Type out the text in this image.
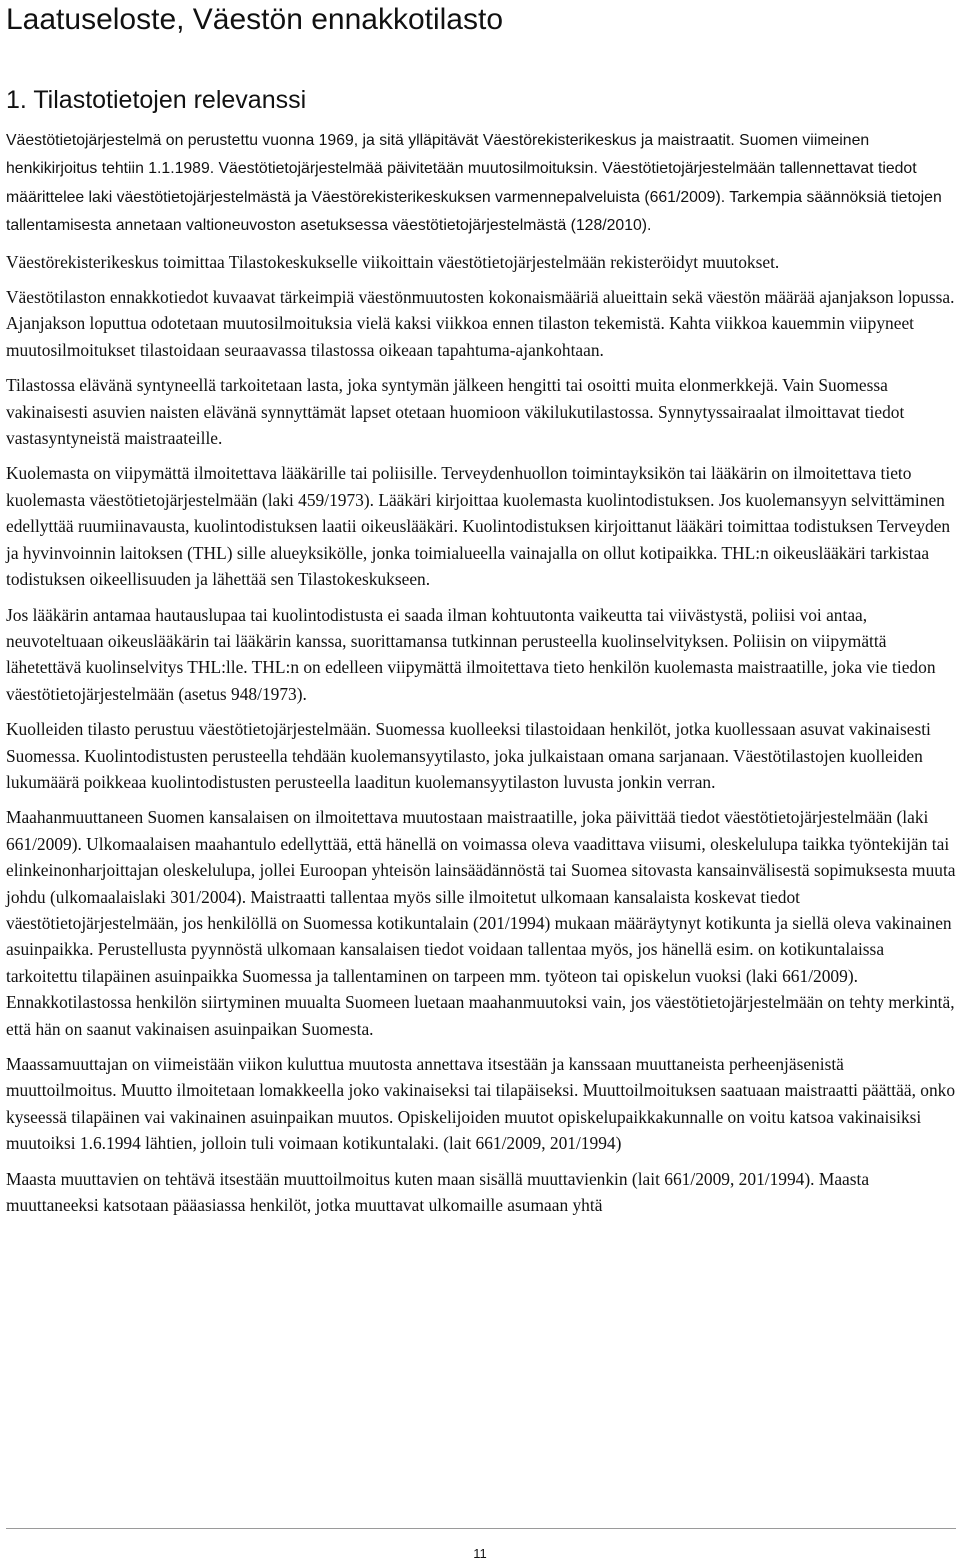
Laatuseloste, Väestön ennakkotilasto
1. Tilastotietojen relevanssi

Väestötietojärjestelmä on perustettu vuonna 1969, ja sitä ylläpitävät Väestörekisterikeskus ja maistraatit. Suomen viimeinen henkikirjoitus tehtiin 1.1.1989. Väestötietojärjestelmää päivitetään muutosilmoituksin. Väestötietojärjestelmään tallennettavat tiedot määrittelee laki väestötietojärjestelmästä ja Väestörekisterikeskuksen varmennepalveluista (661/2009). Tarkempia säännöksiä tietojen tallentamisesta annetaan valtioneuvoston asetuksessa väestötietojärjestelmästä (128/2010).

Väestörekisterikeskus toimittaa Tilastokeskukselle viikoittain väestötietojärjestelmään rekisteröidyt muutokset.

Väestötilaston ennakkotiedot kuvaavat tärkeimpiä väestönmuutosten kokonaismääriä alueittain sekä väestön määrää ajanjakson lopussa. Ajanjakson loputtua odotetaan muutosilmoituksia vielä kaksi viikkoa ennen tilaston tekemistä. Kahta viikkoa kauemmin viipyneet muutosilmoitukset tilastoidaan seuraavassa tilastossa oikeaan tapahtuma-ajankohtaan.

Tilastossa elävänä syntyneellä tarkoitetaan lasta, joka syntymän jälkeen hengitti tai osoitti muita elonmerkkejä. Vain Suomessa vakinaisesti asuvien naisten elävänä synnyttämät lapset otetaan huomioon väkilukutilastossa. Synnytyssairaalat ilmoittavat tiedot vastasyntyneistä maistraateille.

Kuolemasta on viipymättä ilmoitettava lääkärille tai poliisille. Terveydenhuollon toimintayksikön tai lääkärin on ilmoitettava tieto kuolemasta väestötietojärjestelmään (laki 459/1973). Lääkäri kirjoittaa kuolemasta kuolintodistuksen. Jos kuolemansyyn selvittäminen edellyttää ruumiinavausta, kuolintodistuksen laatii oikeuslääkäri. Kuolintodistuksen kirjoittanut lääkäri toimittaa todistuksen Terveyden ja hyvinvoinnin laitoksen (THL) sille alueyksikölle, jonka toimialueella vainajalla on ollut kotipaikka. THL:n oikeuslääkäri tarkistaa todistuksen oikeellisuuden ja lähettää sen Tilastokeskukseen.

Jos lääkärin antamaa hautauslupaa tai kuolintodistusta ei saada ilman kohtuutonta vaikeutta tai viivästystä, poliisi voi antaa, neuvoteltuaan oikeuslääkärin tai lääkärin kanssa, suorittamansa tutkinnan perusteella kuolinselvityksen. Poliisin on viipymättä lähetettävä kuolinselvitys THL:lle. THL:n on edelleen viipymättä ilmoitettava tieto henkilön kuolemasta maistraatille, joka vie tiedon väestötietojärjestelmään (asetus 948/1973).

Kuolleiden tilasto perustuu väestötietojärjestelmään. Suomessa kuolleeksi tilastoidaan henkilöt, jotka kuollessaan asuvat vakinaisesti Suomessa. Kuolintodistusten perusteella tehdään kuolemansyytilasto, joka julkaistaan omana sarjanaan. Väestötilastojen kuolleiden lukumäärä poikkeaa kuolintodistusten perusteella laaditun kuolemansyytilaston luvusta jonkin verran.

Maahanmuuttaneen Suomen kansalaisen on ilmoitettava muutostaan maistraatille, joka päivittää tiedot väestötietojärjestelmään (laki 661/2009). Ulkomaalaisen maahantulo edellyttää, että hänellä on voimassa oleva vaadittava viisumi, oleskelulupa taikka työntekijän tai elinkeinonharjoittajan oleskelulupa, jollei Euroopan yhteisön lainsäädännöstä tai Suomea sitovasta kansainvälisestä sopimuksesta muuta johdu (ulkomaalaislaki 301/2004). Maistraatti tallentaa myös sille ilmoitetut ulkomaan kansalaista koskevat tiedot väestötietojärjestelmään, jos henkilöllä on Suomessa kotikuntalain (201/1994) mukaan määräytynyt kotikunta ja siellä oleva vakinainen asuinpaikka. Perustellusta pyynnöstä ulkomaan kansalaisen tiedot voidaan tallentaa myös, jos hänellä esim. on kotikuntalaissa tarkoitettu tilapäinen asuinpaikka Suomessa ja tallentaminen on tarpeen mm. työteon tai opiskelun vuoksi (laki 661/2009). Ennakkotilastossa henkilön siirtyminen muualta Suomeen luetaan maahanmuutoksi vain, jos väestötietojärjestelmään on tehty merkintä, että hän on saanut vakinaisen asuinpaikan Suomesta.

Maassamuuttajan on viimeistään viikon kuluttua muutosta annettava itsestään ja kanssaan muuttaneista perheenjäsenistä muuttoilmoitus. Muutto ilmoitetaan lomakkeella joko vakinaiseksi tai tilapäiseksi. Muuttoilmoituksen saatuaan maistraatti päättää, onko kyseessä tilapäinen vai vakinainen asuinpaikan muutos. Opiskelijoiden muutot opiskelupaikkakunnalle on voitu katsoa vakinaisiksi muutoiksi 1.6.1994 lähtien, jolloin tuli voimaan kotikuntalaki. (lait 661/2009, 201/1994)

Maasta muuttavien on tehtävä itsestään muuttoilmoitus kuten maan sisällä muuttavienkin (lait 661/2009, 201/1994). Maasta muuttaneeksi katsotaan pääasiassa henkilöt, jotka muuttavat ulkomaille asumaan yhtä

11
